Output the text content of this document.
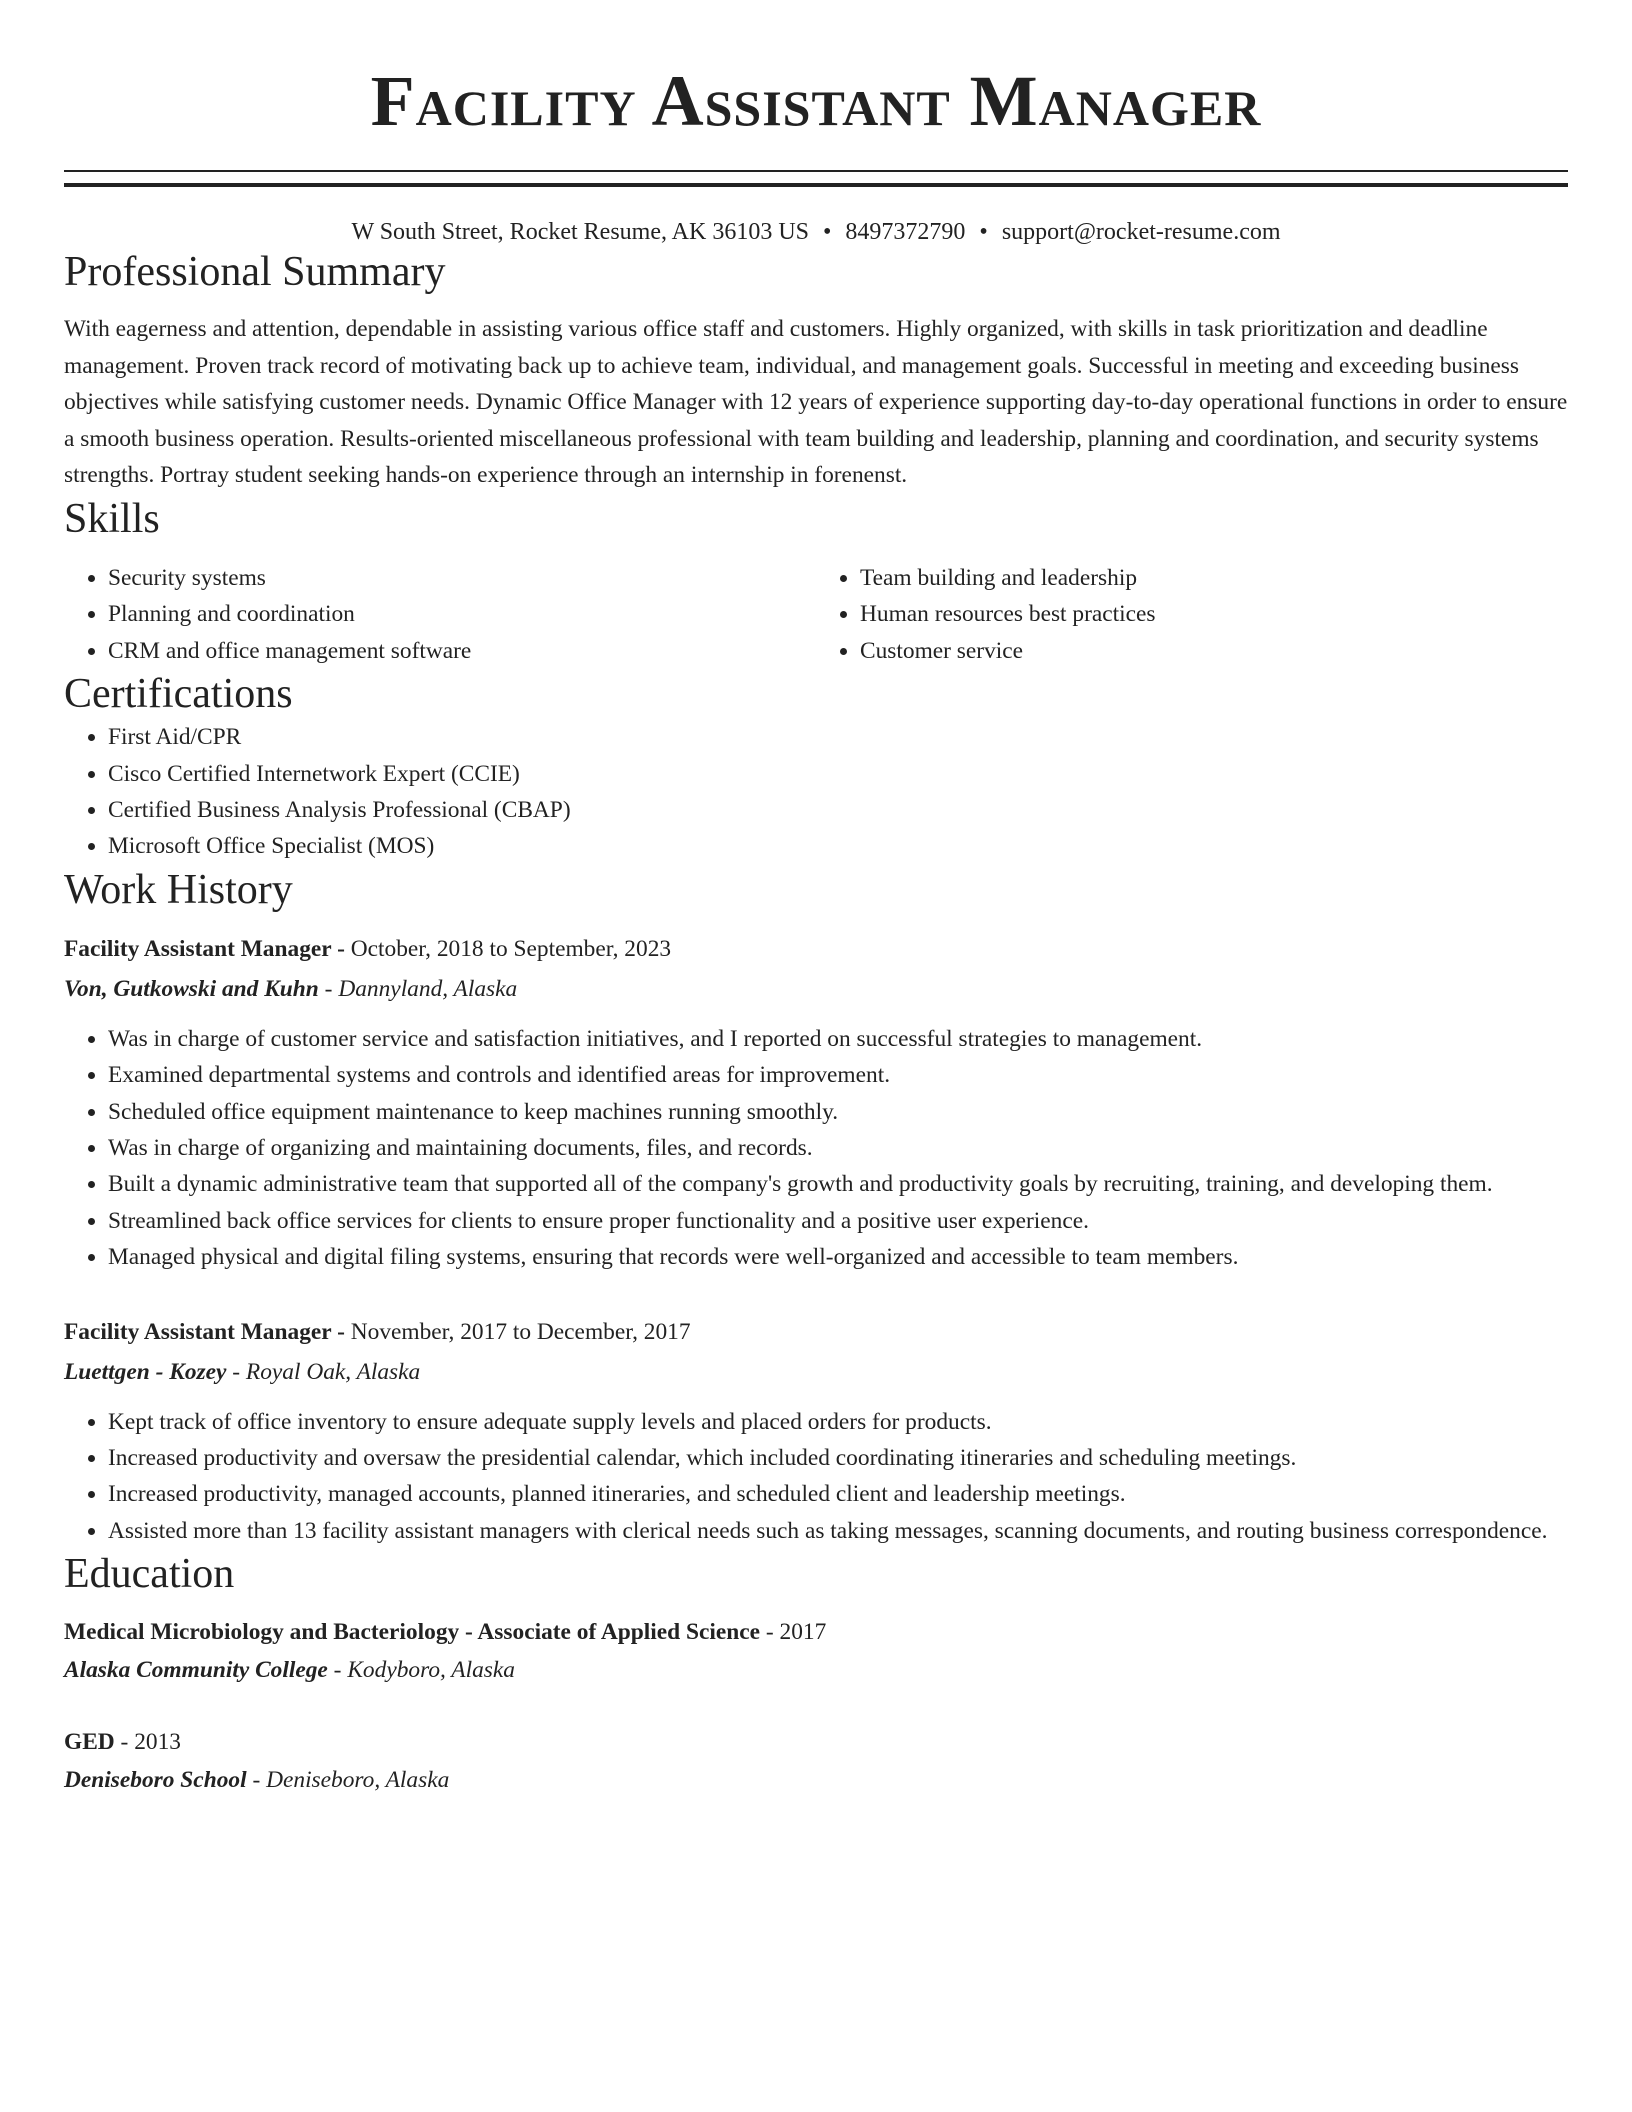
Facility Assistant Manager
W South Street, Rocket Resume, AK 36103 US • 8497372790 • support@rocket-resume.com
Professional Summary

With eagerness and attention, dependable in assisting various office staff and customers. Highly organized, with skills in task prioritization and deadline management. Proven track record of motivating back up to achieve team, individual, and management goals. Successful in meeting and exceeding business objectives while satisfying customer needs. Dynamic Office Manager with 12 years of experience supporting day-to-day operational functions in order to ensure a smooth business operation. Results-oriented miscellaneous professional with team building and leadership, planning and coordination, and security systems strengths. Portray student seeking hands-on experience through an internship in forenenst.

Skills
• Security systems
• Planning and coordination
• CRM and office management software
• Team building and leadership
• Human resources best practices
• Customer service
Certifications
• First Aid/CPR
• Cisco Certified Internetwork Expert (CCIE)
• Certified Business Analysis Professional (CBAP)
• Microsoft Office Specialist (MOS)
Work History
Facility Assistant Manager - October, 2018 to September, 2023
Von, Gutkowski and Kuhn - Dannyland, Alaska
• Was in charge of customer service and satisfaction initiatives, and I reported on successful strategies to management.
• Examined departmental systems and controls and identified areas for improvement.
• Scheduled office equipment maintenance to keep machines running smoothly.
• Was in charge of organizing and maintaining documents, files, and records.
• Built a dynamic administrative team that supported all of the company's growth and productivity goals by recruiting, training, and developing them.
• Streamlined back office services for clients to ensure proper functionality and a positive user experience.
• Managed physical and digital filing systems, ensuring that records were well-organized and accessible to team members.
Facility Assistant Manager - November, 2017 to December, 2017
Luettgen - Kozey - Royal Oak, Alaska
• Kept track of office inventory to ensure adequate supply levels and placed orders for products.
• Increased productivity and oversaw the presidential calendar, which included coordinating itineraries and scheduling meetings.
• Increased productivity, managed accounts, planned itineraries, and scheduled client and leadership meetings.
• Assisted more than 13 facility assistant managers with clerical needs such as taking messages, scanning documents, and routing business correspondence.
Education
Medical Microbiology and Bacteriology - Associate of Applied Science - 2017
Alaska Community College - Kodyboro, Alaska
GED - 2013
Deniseboro School - Deniseboro, Alaska
